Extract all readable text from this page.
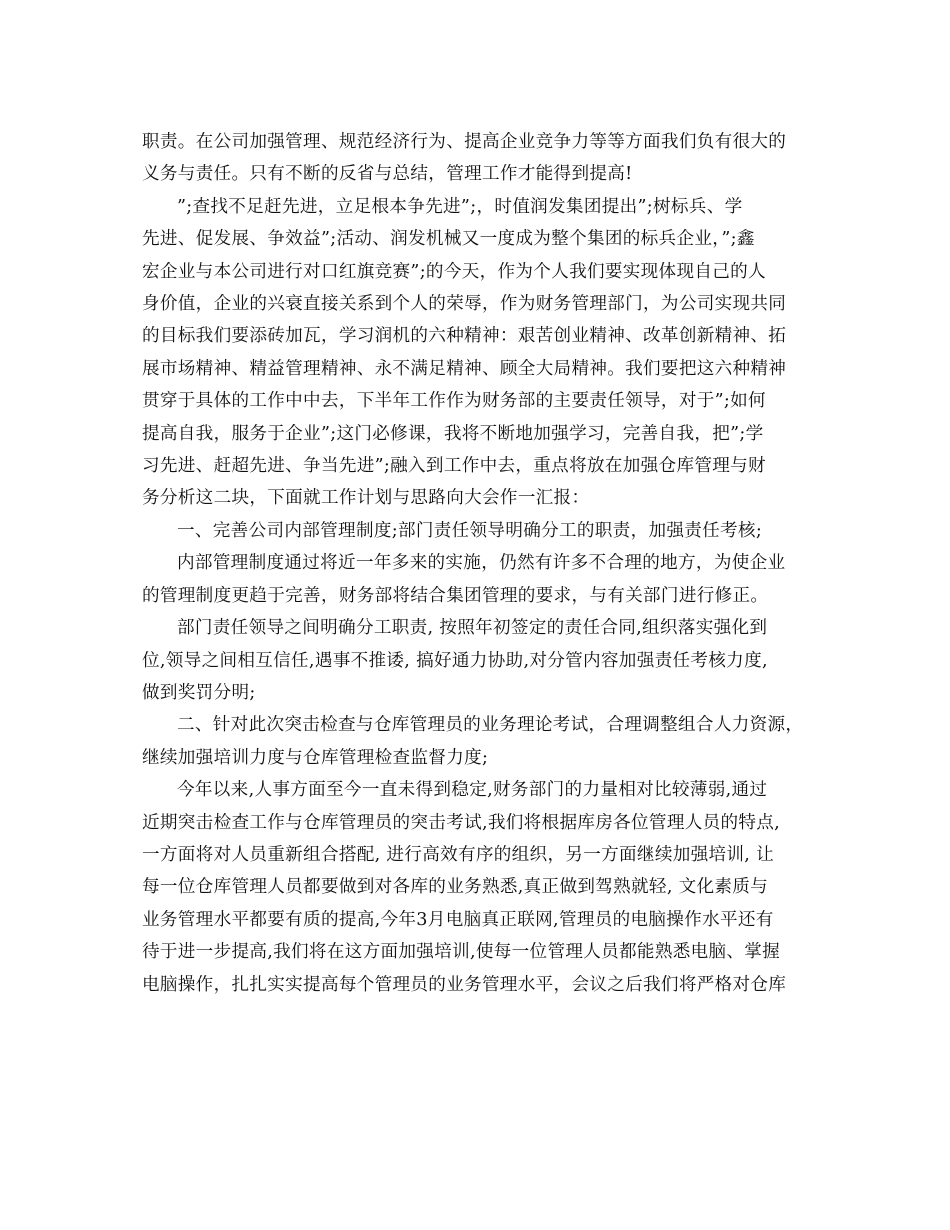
职责。在公司加强管理、规范经济行为、提高企业竞争力等等方面我们负有很大的
义务与责任。只有不断的反省与总结，管理工作才能得到提高!
”;查找不足赶先进，立足根本争先进”;，时值润发集团提出”;树标兵、学
先进、促发展、争效益”;活动、润发机械又一度成为整个集团的标兵企业，”;鑫
宏企业与本公司进行对口红旗竞赛”;的今天，作为个人我们要实现体现自己的人
身价值，企业的兴衰直接关系到个人的荣辱，作为财务管理部门，为公司实现共同
的目标我们要添砖加瓦，学习润机的六种精神：艰苦创业精神、改革创新精神、拓
展市场精神、精益管理精神、永不满足精神、顾全大局精神。我们要把这六种精神
贯穿于具体的工作中中去，下半年工作作为财务部的主要责任领导，对于”;如何
提高自我，服务于企业”;这门必修课，我将不断地加强学习，完善自我，把”;学
习先进、赶超先进、争当先进”;融入到工作中去，重点将放在加强仓库管理与财
务分析这二块，下面就工作计划与思路向大会作一汇报：
一、完善公司内部管理制度;部门责任领导明确分工的职责，加强责任考核;
内部管理制度通过将近一年多来的实施，仍然有许多不合理的地方，为使企业
的管理制度更趋于完善，财务部将结合集团管理的要求，与有关部门进行修正。
部门责任领导之间明确分工职责, 按照年初签定的责任合同,组织落实强化到
位,领导之间相互信任,遇事不推诿, 搞好通力协助,对分管内容加强责任考核力度,
做到奖罚分明;
二、针对此次突击检查与仓库管理员的业务理论考试，合理调整组合人力资源，
继续加强培训力度与仓库管理检查监督力度;
今年以来,人事方面至今一直未得到稳定,财务部门的力量相对比较薄弱,通过
近期突击检查工作与仓库管理员的突击考试,我们将根据库房各位管理人员的特点,
一方面将对人员重新组合搭配, 进行高效有序的组织，另一方面继续加强培训, 让
每一位仓库管理人员都要做到对各库的业务熟悉,真正做到驾熟就轻, 文化素质与
业务管理水平都要有质的提高,今年3月电脑真正联网,管理员的电脑操作水平还有
待于进一步提高,我们将在这方面加强培训,使每一位管理人员都能熟悉电脑、掌握
电脑操作，扎扎实实提高每个管理员的业务管理水平，会议之后我们将严格对仓库
